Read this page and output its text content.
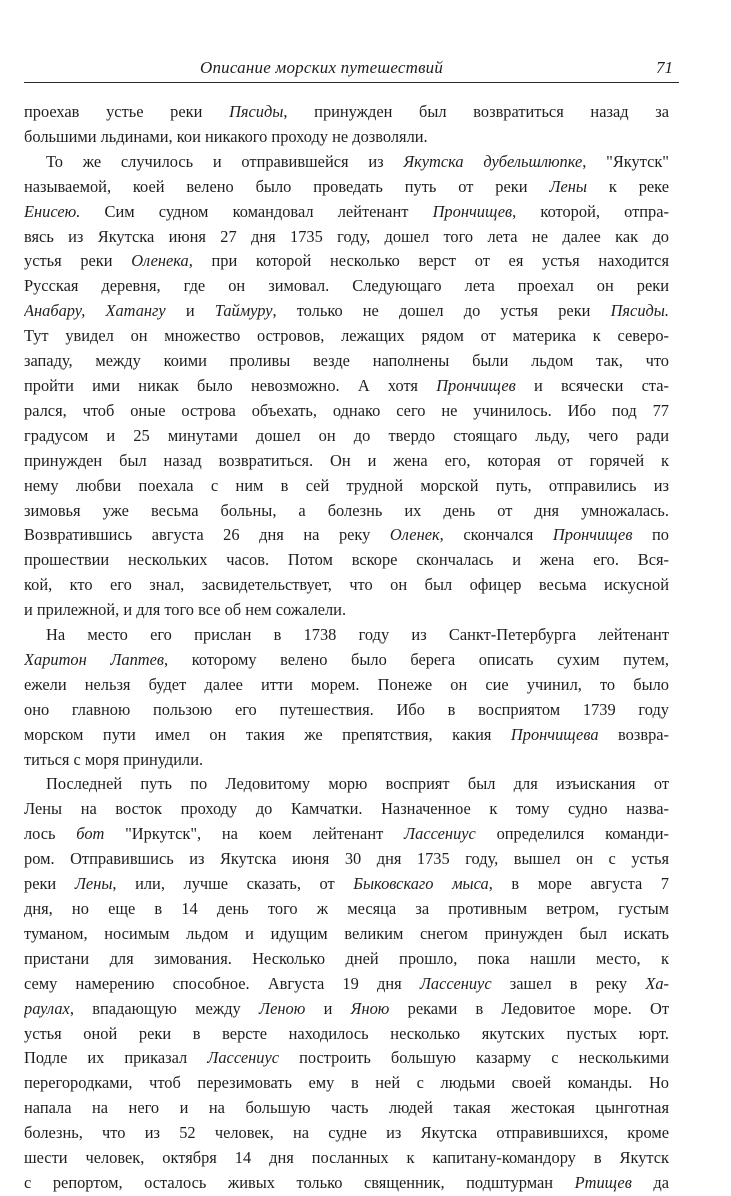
Описание морских путешествий	71
проехав устье реки Пясиды, принужден был возвратиться назад за
большими льдинами, кои никакого проходу не дозволяли.
То же случилось и отправившейся из Якутска дубельшлюпке, "Якутск"
называемой, коей велено было проведать путь от реки Лены к реке
Енисею. Сим судном командовал лейтенант Прончищев, которой, отпра-
вясь из Якутска июня 27 дня 1735 году, дошел того лета не далее как до
устья реки Оленека, при которой несколько верст от ея устья находится
Русская деревня, где он зимовал. Следующаго лета проехал он реки
Анабару, Хатангу и Таймуру, только не дошел до устья реки Пясиды.
Тут увидел он множество островов, лежащих рядом от материка к северо-
западу, между коими проливы везде наполнены были льдом так, что
пройти ими никак было невозможно. А хотя Прончищев и всячески ста-
рался, чтоб оные острова объехать, однако сего не учинилось. Ибо под 77
градусом и 25 минутами дошел он до твердо стоящаго льду, чего ради
принужден был назад возвратиться. Он и жена его, которая от горячей к
нему любви поехала с ним в сей трудной морской путь, отправились из
зимовья уже весьма больны, а болезнь их день от дня умножалась.
Возвратившись августа 26 дня на реку Оленек, скончался Прончищев по
прошествии нескольких часов. Потом вскоре скончалась и жена его. Вся-
кой, кто его знал, засвидетельствует, что он был офицер весьма искусной
и прилежной, и для того все об нем сожалели.
На место его прислан в 1738 году из Санкт-Петербурга лейтенант
Харитон Лаптев, которому велено было берега описать сухим путем,
ежели нельзя будет далее итти морем. Понеже он сие учинил, то было
оно главною пользою его путешествия. Ибо в восприятом 1739 году
морском пути имел он такия же препятствия, какия Прончищева возвра-
титься с моря принудили.
Последней путь по Ледовитому морю восприят был для изъискания от
Лены на восток проходу до Камчатки. Назначенное к тому судно назва-
лось бот "Иркутск", на коем лейтенант Лассениус определился команди-
ром. Отправившись из Якутска июня 30 дня 1735 году, вышел он с устья
реки Лены, или, лучше сказать, от Быковскаго мыса, в море августа 7
дня, но еще в 14 день того ж месяца за противным ветром, густым
туманом, носимым льдом и идущим великим снегом принужден был искать
пристани для зимования. Несколько дней прошло, пока нашли место, к
сему намерению способное. Августа 19 дня Лассениус зашел в реку Ха-
раулах, впадающую между Леною и Яною реками в Ледовитое море. От
устья оной реки в версте находилось несколько якутских пустых юрт.
Подле их приказал Лассениус построить большую казарму с несколькими
перегородками, чтоб перезимовать ему в ней с людьми своей команды. Но
напала на него и на большую часть людей такая жестокая цынготная
болезнь, что из 52 человек, на судне из Якутска отправившихся, кроме
шести человек, октября 14 дня посланных к капитану-командору в Якутск
с репортом, осталось живых только священник, подштурман Ртищев да
